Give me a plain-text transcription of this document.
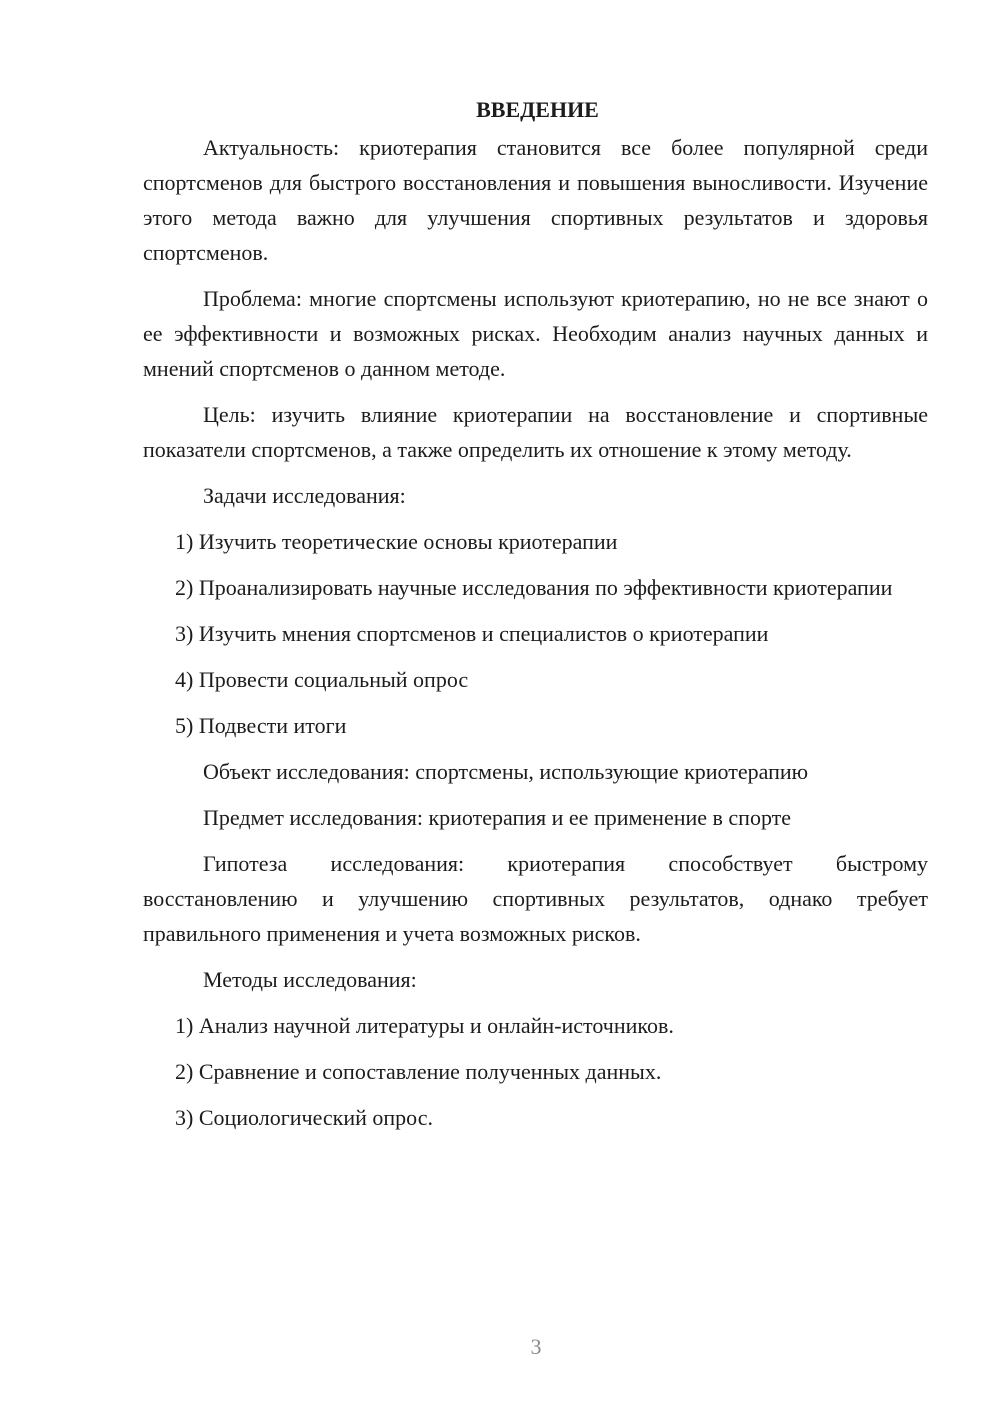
ВВЕДЕНИЕ

Актуальность: криотерапия становится все более популярной среди спортсменов для быстрого восстановления и повышения выносливости. Изучение этого метода важно для улучшения спортивных результатов и здоровья спортсменов.

Проблема: многие спортсмены используют криотерапию, но не все знают о ее эффективности и возможных рисках. Необходим анализ научных данных и мнений спортсменов о данном методе.

Цель: изучить влияние криотерапии на восстановление и спортивные показатели спортсменов, а также определить их отношение к этому методу.

Задачи исследования:

1) Изучить теоретические основы криотерапии

2) Проанализировать научные исследования по эффективности криотерапии

3) Изучить мнения спортсменов и специалистов о криотерапии

4) Провести социальный опрос

5) Подвести итоги

Объект исследования: спортсмены, использующие криотерапию

Предмет исследования: криотерапия и ее применение в спорте

Гипотеза исследования: криотерапия способствует быстрому восстановлению и улучшению спортивных результатов, однако требует правильного применения и учета возможных рисков.

Методы исследования:

1) Анализ научной литературы и онлайн-источников.

2) Сравнение и сопоставление полученных данных.

3) Социологический опрос.

3
